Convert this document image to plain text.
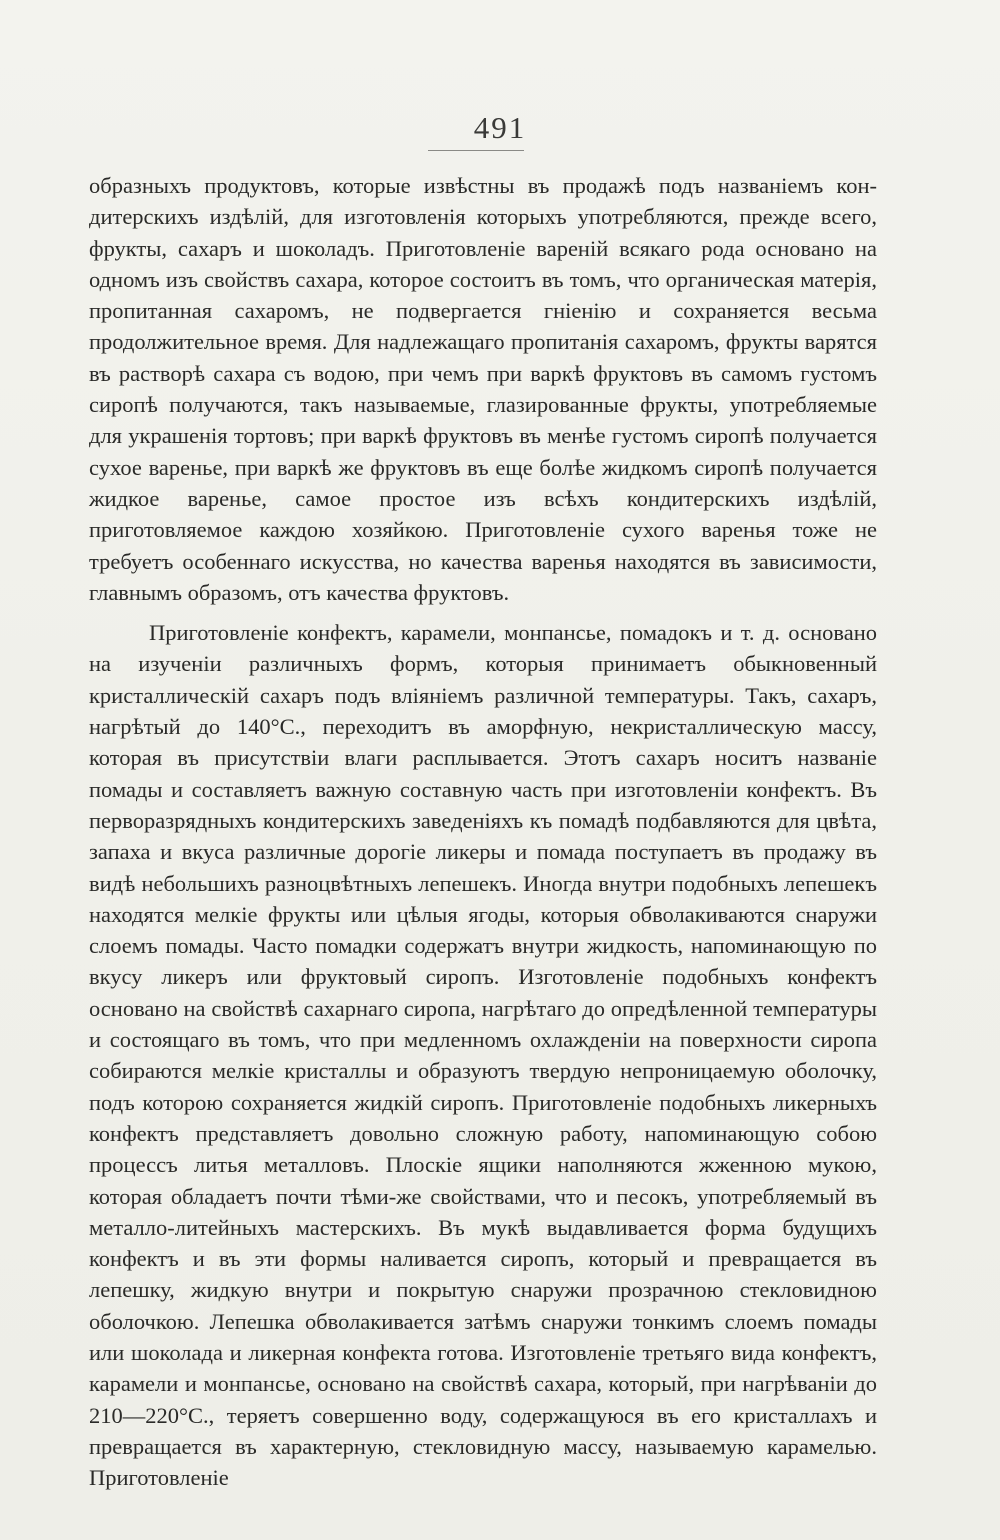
491

образныхъ продуктовъ, которые извѣстны въ продажѣ подъ названіемъ кондитерскихъ издѣлій, для изготовленія которыхъ употребляются, прежде всего, фрукты, сахаръ и шоколадъ. Приготовленіе вареній всякаго рода основано на одномъ изъ свойствъ сахара, которое состоитъ въ томъ, что органическая матерія, пропитанная сахаромъ, не подвергается гніенію и сохраняется весьма продолжительное время. Для надлежащаго пропитанія сахаромъ, фрукты варятся въ растворѣ сахара съ водою, при чемъ при варкѣ фруктовъ въ самомъ густомъ сиропѣ получаются, такъ называемые, глазированные фрукты, употребляемые для украшенія тортовъ; при варкѣ фруктовъ въ менѣе густомъ сиропѣ получается сухое варенье, при варкѣ же фруктовъ въ еще болѣе жидкомъ сиропѣ получается жидкое варенье, самое простое изъ всѣхъ кондитерскихъ издѣлій, приготовляемое каждою хозяйкою. Приготовленіе сухого варенья тоже не требуетъ особеннаго искусства, но качества варенья находятся въ зависимости, главнымъ образомъ, отъ качества фруктовъ.

Приготовленіе конфектъ, карамели, монпансье, помадокъ и т. д. основано на изученіи различныхъ формъ, которыя принимаетъ обыкновенный кристаллическій сахаръ подъ вліяніемъ различной температуры. Такъ, сахаръ, нагрѣтый до 140°С., переходитъ въ аморфную, некристаллическую массу, которая въ присутствіи влаги расплывается. Этотъ сахаръ носитъ названіе помады и составляетъ важную составную часть при изготовленіи конфектъ. Въ перворазрядныхъ кондитерскихъ заведеніяхъ къ помадѣ подбавляются для цвѣта, запаха и вкуса различные дорогіе ликеры и помада поступаетъ въ продажу въ видѣ небольшихъ разноцвѣтныхъ лепешекъ. Иногда внутри подобныхъ лепешекъ находятся мелкіе фрукты или цѣлыя ягоды, которыя обволакиваются снаружи слоемъ помады. Часто помадки содержатъ внутри жидкость, напоминающую по вкусу ликеръ или фруктовый сиропъ. Изготовленіе подобныхъ конфектъ основано на свойствѣ сахарнаго сиропа, нагрѣтаго до опредѣленной температуры и состоящаго въ томъ, что при медленномъ охлажденіи на поверхности сиропа собираются мелкіе кристаллы и образуютъ твердую непроницаемую оболочку, подъ которою сохраняется жидкій сиропъ. Приготовленіе подобныхъ ликерныхъ конфектъ представляетъ довольно сложную работу, напоминающую собою процессъ литья металловъ. Плоскіе ящики наполняются жженною мукою, которая обладаетъ почти тѣми-же свойствами, что и песокъ, употребляемый въ металло-литейныхъ мастерскихъ. Въ мукѣ выдавливается форма будущихъ конфектъ и въ эти формы наливается сиропъ, который и превращается въ лепешку, жидкую внутри и покрытую снаружи прозрачною стекловидною оболочкою. Лепешка обволакивается затѣмъ снаружи тонкимъ слоемъ помады или шоколада и ликерная конфекта готова. Изготовленіе третьяго вида конфектъ, карамели и монпансье, основано на свойствѣ сахара, который, при нагрѣваніи до 210—220°С., теряетъ совершенно воду, содержащуюся въ его кристаллахъ и превращается въ характерную, стекловидную массу, называемую карамелью. Приготовленіе
